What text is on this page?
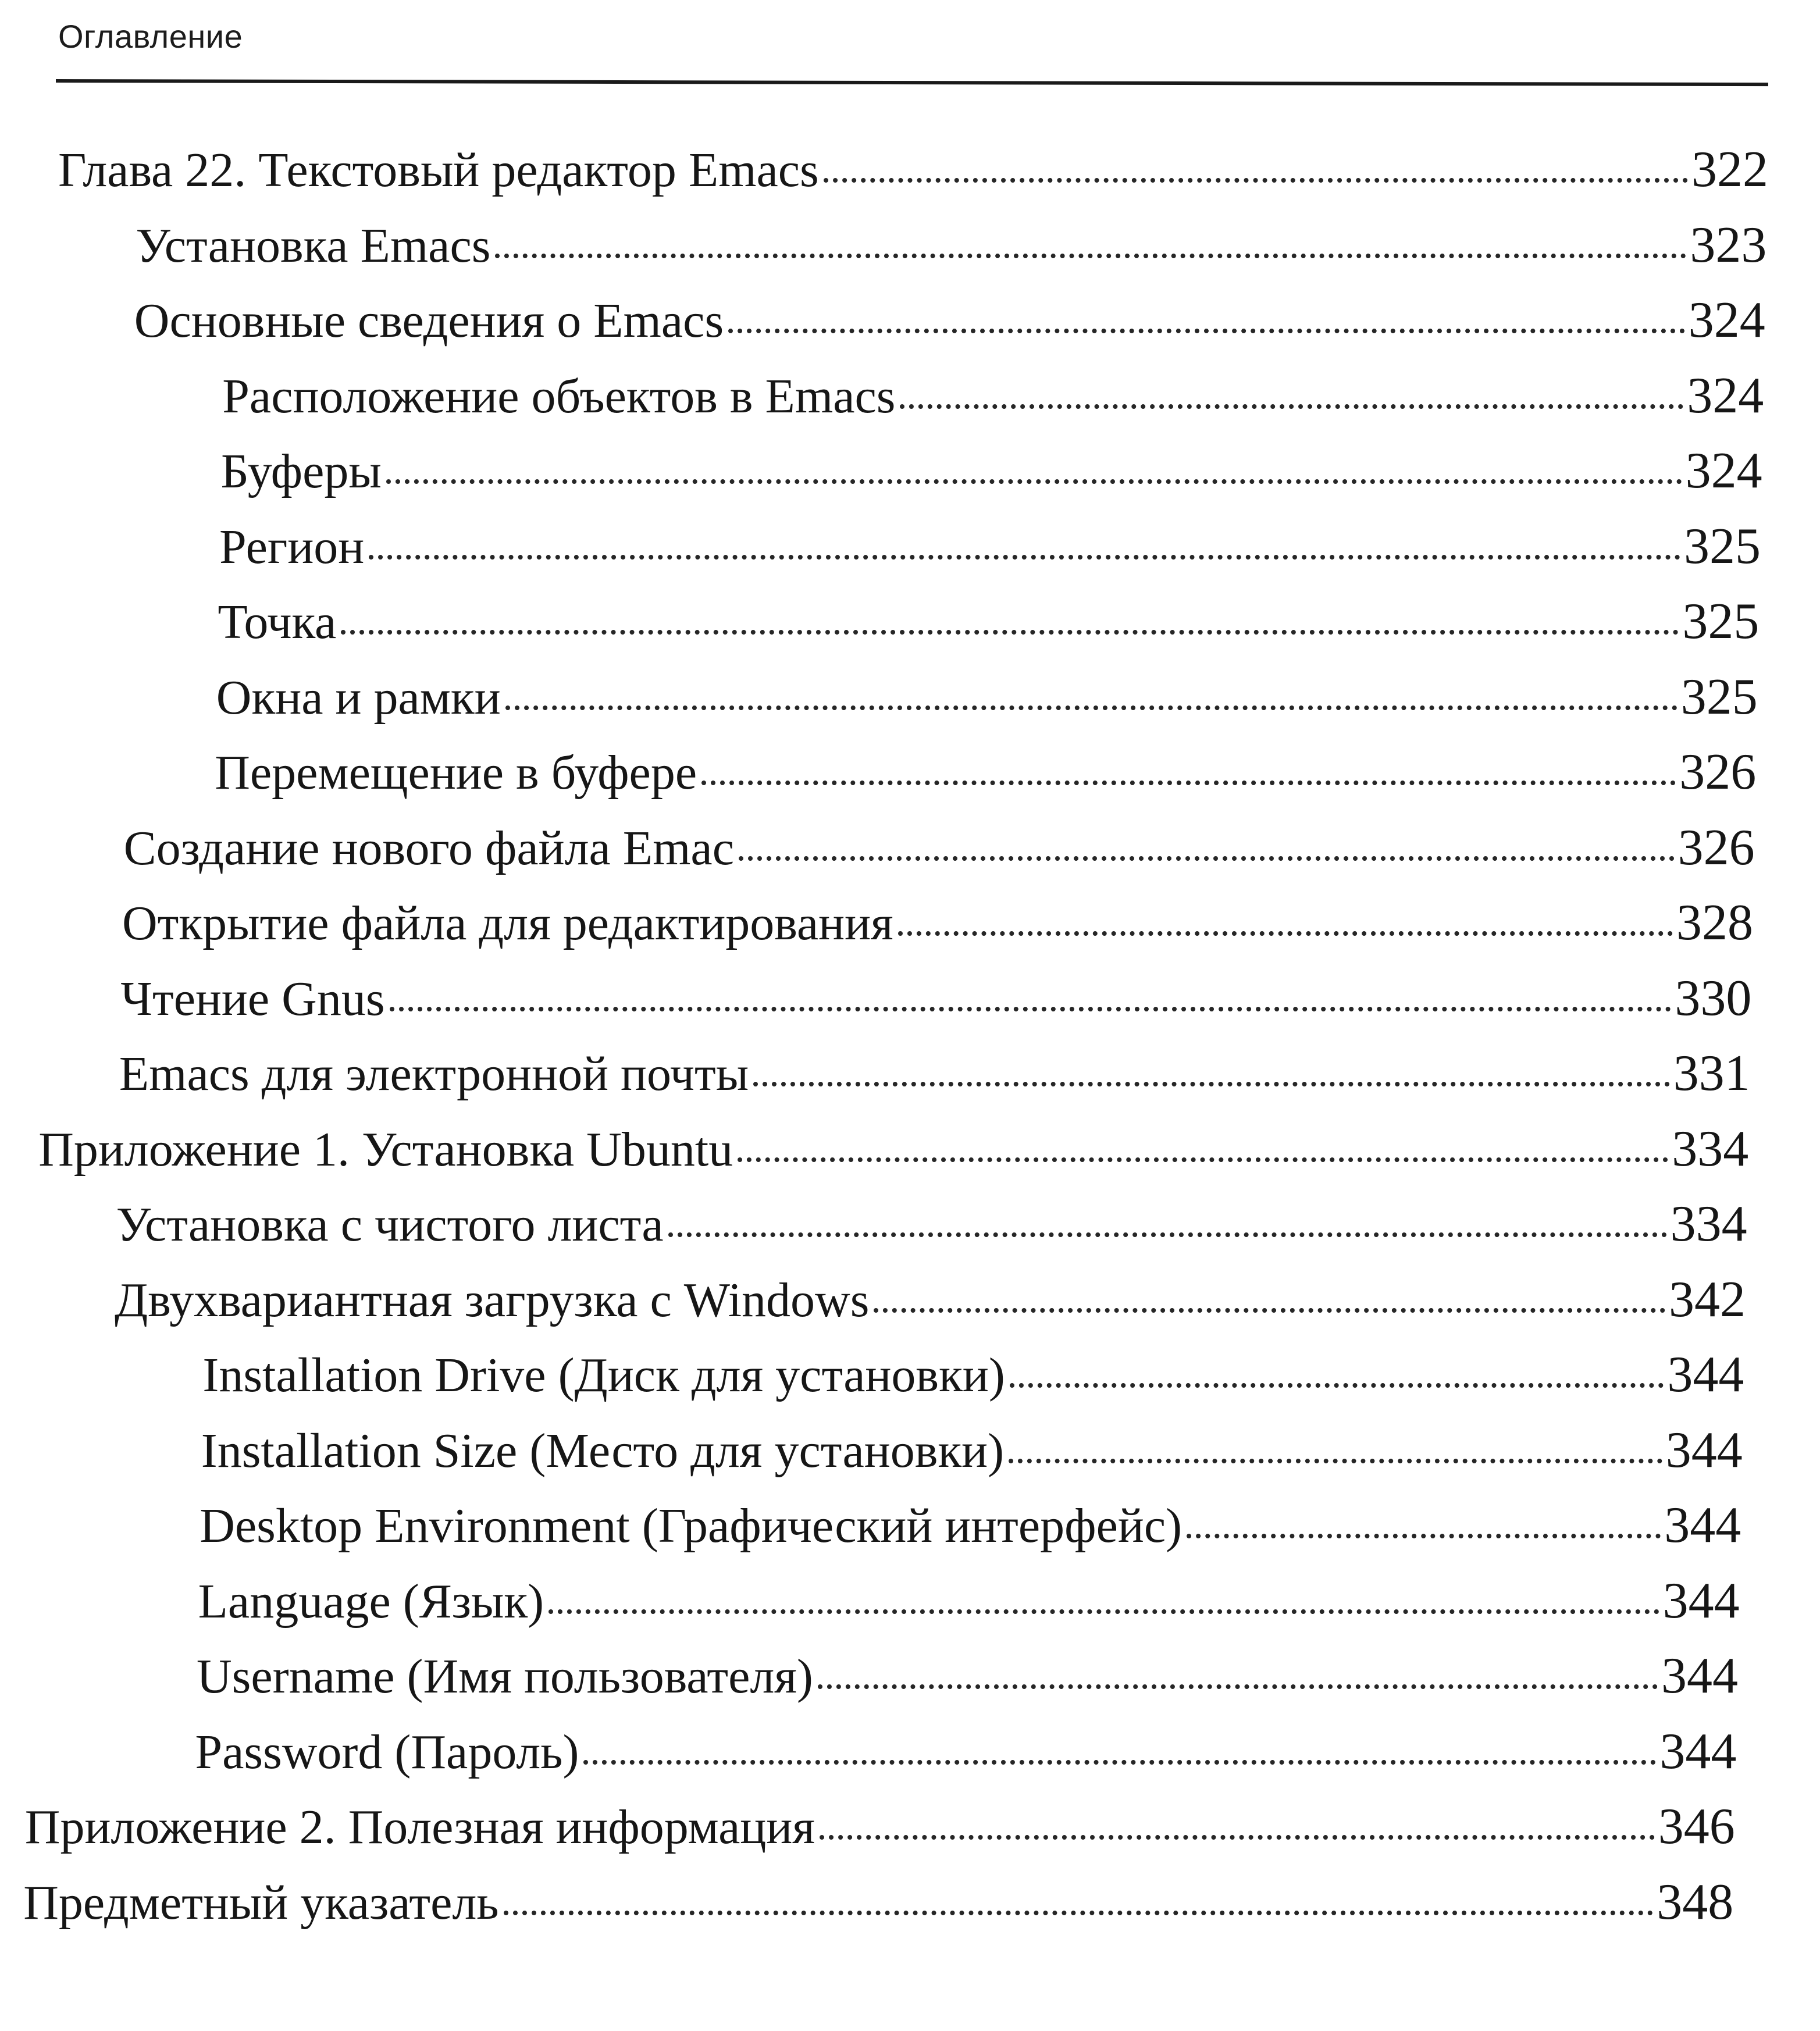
Оглавление
Глава 22. Текстовый редактор Emacs	322
Установка Emacs	323
Основные сведения о Emacs	324
Расположение объектов в Emacs	324
Буферы	324
Регион	325
Точка	325
Окна и рамки	325
Перемещение в буфере	326
Создание нового файла Emac	326
Открытие файла для редактирования	328
Чтение Gnus	330
Emacs для электронной почты	331
Приложение 1. Установка Ubuntu	334
Установка с чистого листа	334
Двухвариантная загрузка с Windows	342
Installation Drive (Диск для установки)	344
Installation Size (Место для установки)	344
Desktop Environment (Графический интерфейс)	344
Language (Язык)	344
Username (Имя пользователя)	344
Password (Пароль)	344
Приложение 2. Полезная информация	346
Предметный указатель	348
